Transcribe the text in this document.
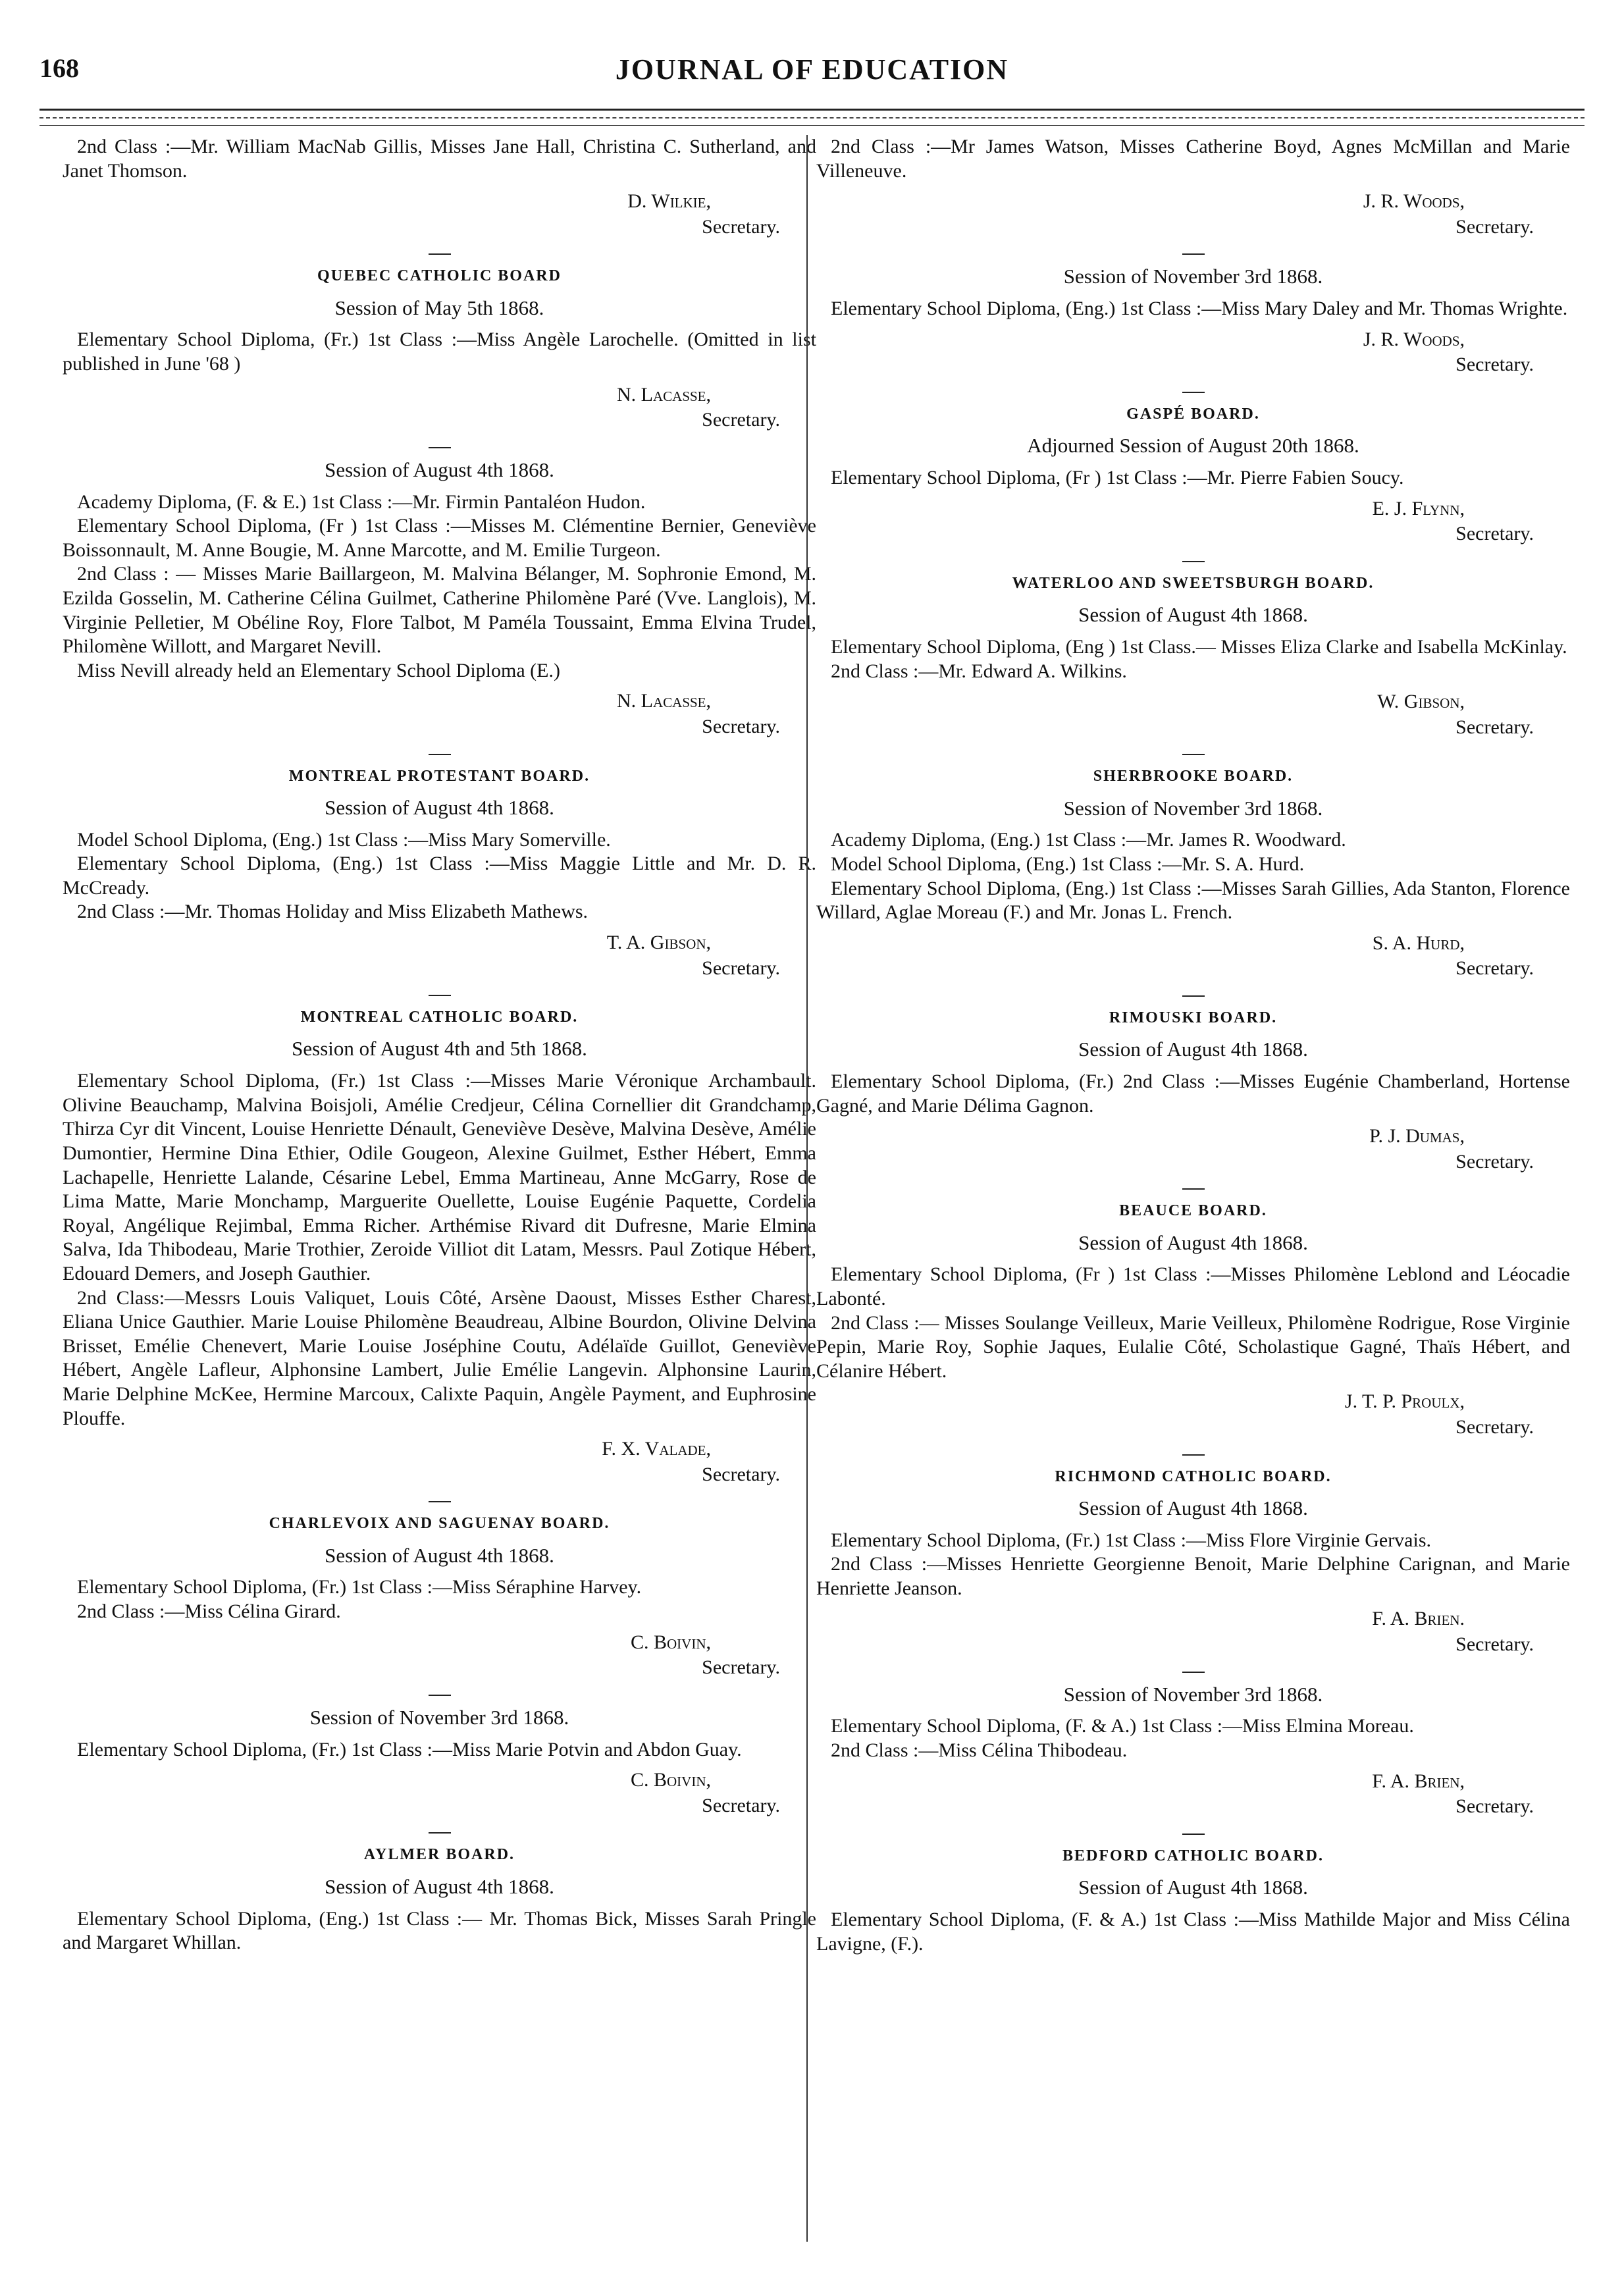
168	JOURNAL OF EDUCATION

2nd Class :—Mr. William MacNab Gillis, Misses Jane Hall, Christina C. Sutherland, and Janet Thomson.

D. Wilkie,
Secretary.
QUEBEC CATHOLIC BOARD
Session of May 5th 1868.

Elementary School Diploma, (Fr.) 1st Class :—Miss Angèle Larochelle. (Omitted in list published in June '68 )

N. Lacasse,
Secretary.
Session of August 4th 1868.

Academy Diploma, (F. & E.) 1st Class :—Mr. Firmin Pantaléon Hudon.

Elementary School Diploma, (Fr ) 1st Class :—Misses M. Clémentine Bernier, Geneviève Boissonnault, M. Anne Bougie, M. Anne Marcotte, and M. Emilie Turgeon.

2nd Class : — Misses Marie Baillargeon, M. Malvina Bélanger, M. Sophronie Emond, M. Ezilda Gosselin, M. Catherine Célina Guilmet, Catherine Philomène Paré (Vve. Langlois), M. Virginie Pelletier, M Obéline Roy, Flore Talbot, M Paméla Toussaint, Emma Elvina Trudel, Philomène Willott, and Margaret Nevill.

Miss Nevill already held an Elementary School Diploma (E.)

N. Lacasse,
Secretary.
MONTREAL PROTESTANT BOARD.
Session of August 4th 1868.

Model School Diploma, (Eng.) 1st Class :—Miss Mary Somerville.

Elementary School Diploma, (Eng.) 1st Class :—Miss Maggie Little and Mr. D. R. McCready.

2nd Class :—Mr. Thomas Holiday and Miss Elizabeth Mathews.

T. A. Gibson,
Secretary.
MONTREAL CATHOLIC BOARD.
Session of August 4th and 5th 1868.

Elementary School Diploma, (Fr.) 1st Class :—Misses Marie Véronique Archambault. Olivine Beauchamp, Malvina Boisjoli, Amélie Credjeur, Célina Cornellier dit Grandchamp, Thirza Cyr dit Vincent, Louise Henriette Dénault, Geneviève Desève, Malvina Desève, Amélie Dumontier, Hermine Dina Ethier, Odile Gougeon, Alexine Guilmet, Esther Hébert, Emma Lachapelle, Henriette Lalande, Césarine Lebel, Emma Martineau, Anne McGarry, Rose de Lima Matte, Marie Monchamp, Marguerite Ouellette, Louise Eugénie Paquette, Cordelia Royal, Angélique Rejimbal, Emma Richer. Arthémise Rivard dit Dufresne, Marie Elmina Salva, Ida Thibodeau, Marie Trothier, Zeroide Villiot dit Latam, Messrs. Paul Zotique Hébert, Edouard Demers, and Joseph Gauthier.

2nd Class:—Messrs Louis Valiquet, Louis Côté, Arsène Daoust, Misses Esther Charest, Eliana Unice Gauthier. Marie Louise Philomène Beaudreau, Albine Bourdon, Olivine Delvina Brisset, Emélie Chenevert, Marie Louise Joséphine Coutu, Adélaïde Guillot, Geneviève Hébert, Angèle Lafleur, Alphonsine Lambert, Julie Emélie Langevin. Alphonsine Laurin, Marie Delphine McKee, Hermine Marcoux, Calixte Paquin, Angèle Payment, and Euphrosine Plouffe.

F. X. Valade,
Secretary.
CHARLEVOIX AND SAGUENAY BOARD.
Session of August 4th 1868.

Elementary School Diploma, (Fr.) 1st Class :—Miss Séraphine Harvey.

2nd Class :—Miss Célina Girard.

C. Boivin,
Secretary.
Session of November 3rd 1868.

Elementary School Diploma, (Fr.) 1st Class :—Miss Marie Potvin and Abdon Guay.

C. Boivin,
Secretary.
AYLMER BOARD.
Session of August 4th 1868.

Elementary School Diploma, (Eng.) 1st Class :— Mr. Thomas Bick, Misses Sarah Pringle and Margaret Whillan.

2nd Class :—Mr James Watson, Misses Catherine Boyd, Agnes McMillan and Marie Villeneuve.

J. R. Woods,
Secretary.
Session of November 3rd 1868.

Elementary School Diploma, (Eng.) 1st Class :—Miss Mary Daley and Mr. Thomas Wrighte.

J. R. Woods,
Secretary.
GASPÉ BOARD.
Adjourned Session of August 20th 1868.

Elementary School Diploma, (Fr ) 1st Class :—Mr. Pierre Fabien Soucy.

E. J. Flynn,
Secretary.
WATERLOO AND SWEETSBURGH BOARD.
Session of August 4th 1868.

Elementary School Diploma, (Eng ) 1st Class.— Misses Eliza Clarke and Isabella McKinlay.

2nd Class :—Mr. Edward A. Wilkins.

W. Gibson,
Secretary.
SHERBROOKE BOARD.
Session of November 3rd 1868.

Academy Diploma, (Eng.) 1st Class :—Mr. James R. Woodward.

Model School Diploma, (Eng.) 1st Class :—Mr. S. A. Hurd.

Elementary School Diploma, (Eng.) 1st Class :—Misses Sarah Gillies, Ada Stanton, Florence Willard, Aglae Moreau (F.) and Mr. Jonas L. French.

S. A. Hurd,
Secretary.
RIMOUSKI BOARD.
Session of August 4th 1868.

Elementary School Diploma, (Fr.) 2nd Class :—Misses Eugénie Chamberland, Hortense Gagné, and Marie Délima Gagnon.

P. J. Dumas,
Secretary.
BEAUCE BOARD.
Session of August 4th 1868.

Elementary School Diploma, (Fr ) 1st Class :—Misses Philomène Leblond and Léocadie Labonté.

2nd Class :— Misses Soulange Veilleux, Marie Veilleux, Philomène Rodrigue, Rose Virginie Pepin, Marie Roy, Sophie Jaques, Eulalie Côté, Scholastique Gagné, Thaïs Hébert, and Célanire Hébert.

J. T. P. Proulx,
Secretary.
RICHMOND CATHOLIC BOARD.
Session of August 4th 1868.

Elementary School Diploma, (Fr.) 1st Class :—Miss Flore Virginie Gervais.

2nd Class :—Misses Henriette Georgienne Benoit, Marie Delphine Carignan, and Marie Henriette Jeanson.

F. A. Brien.
Secretary.
Session of November 3rd 1868.

Elementary School Diploma, (F. & A.) 1st Class :—Miss Elmina Moreau.

2nd Class :—Miss Célina Thibodeau.

F. A. Brien,
Secretary.
BEDFORD CATHOLIC BOARD.
Session of August 4th 1868.

Elementary School Diploma, (F. & A.) 1st Class :—Miss Mathilde Major and Miss Célina Lavigne, (F.).
